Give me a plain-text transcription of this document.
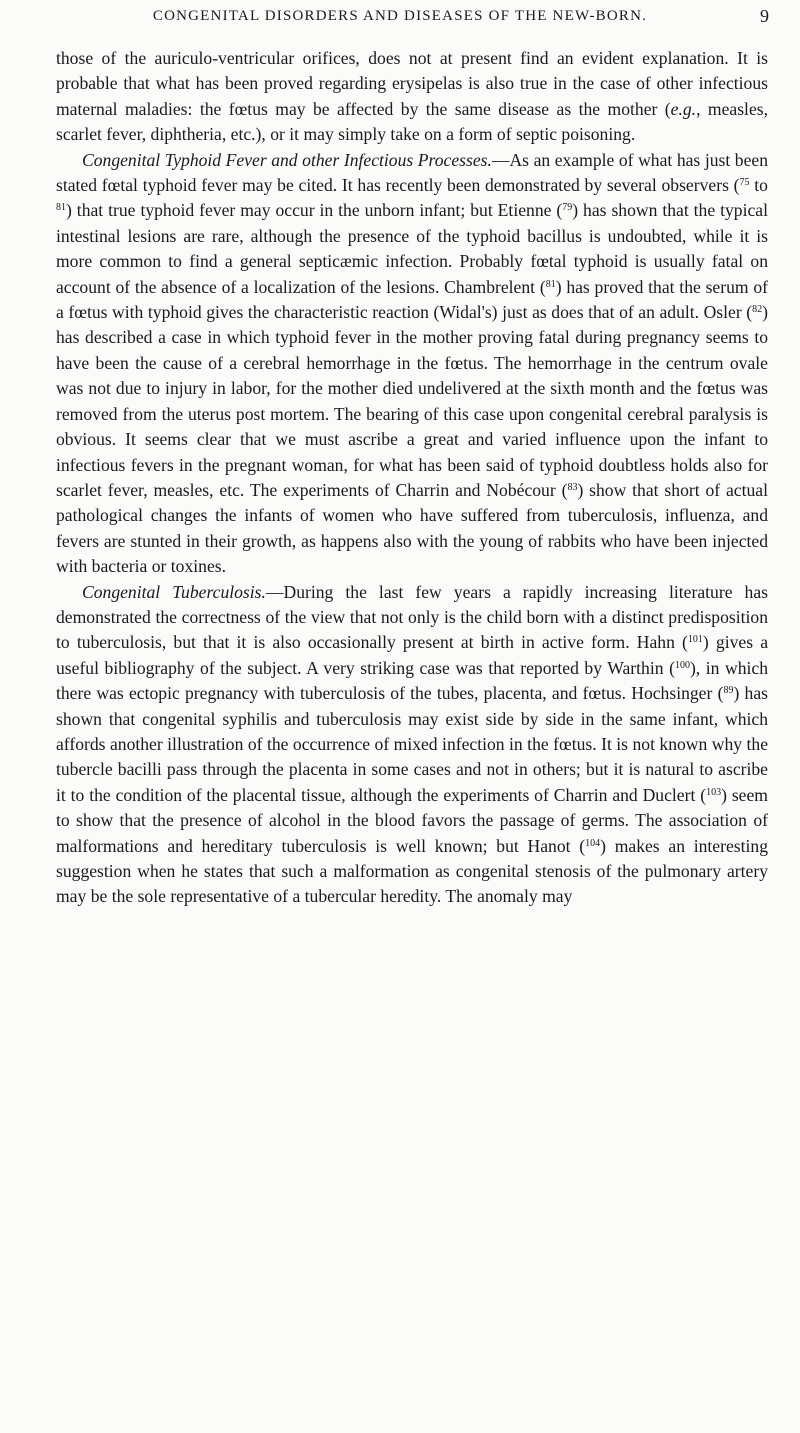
CONGENITAL DISORDERS AND DISEASES OF THE NEW-BORN.	9

those of the auriculo-ventricular orifices, does not at present find an evident explanation. It is probable that what has been proved regarding erysipelas is also true in the case of other infectious maternal maladies: the fœtus may be affected by the same disease as the mother (e.g., measles, scarlet fever, diphtheria, etc.), or it may simply take on a form of septic poisoning.

Congenital Typhoid Fever and other Infectious Processes.—As an example of what has just been stated fœtal typhoid fever may be cited. It has recently been demonstrated by several observers ($^{75}$ to $^{81}$) that true typhoid fever may occur in the unborn infant; but Etienne ($^{79}$) has shown that the typical intestinal lesions are rare, although the presence of the typhoid bacillus is undoubted, while it is more common to find a general septicæmic infection. Probably fœtal typhoid is usually fatal on account of the absence of a localization of the lesions. Chambrelent ($^{81}$) has proved that the serum of a fœtus with typhoid gives the characteristic reaction (Widal's) just as does that of an adult. Osler ($^{82}$) has described a case in which typhoid fever in the mother proving fatal during pregnancy seems to have been the cause of a cerebral hemorrhage in the fœtus. The hemorrhage in the centrum ovale was not due to injury in labor, for the mother died undelivered at the sixth month and the fœtus was removed from the uterus post mortem. The bearing of this case upon congenital cerebral paralysis is obvious. It seems clear that we must ascribe a great and varied influence upon the infant to infectious fevers in the pregnant woman, for what has been said of typhoid doubtless holds also for scarlet fever, measles, etc. The experiments of Charrin and Nobécour ($^{83}$) show that short of actual pathological changes the infants of women who have suffered from tuberculosis, influenza, and fevers are stunted in their growth, as happens also with the young of rabbits who have been injected with bacteria or toxines.

Congenital Tuberculosis.—During the last few years a rapidly increasing literature has demonstrated the correctness of the view that not only is the child born with a distinct predisposition to tuberculosis, but that it is also occasionally present at birth in active form. Hahn ($^{101}$) gives a useful bibliography of the subject. A very striking case was that reported by Warthin ($^{100}$), in which there was ectopic pregnancy with tuberculosis of the tubes, placenta, and fœtus. Hochsinger ($^{89}$) has shown that congenital syphilis and tuberculosis may exist side by side in the same infant, which affords another illustration of the occurrence of mixed infection in the fœtus. It is not known why the tubercle bacilli pass through the placenta in some cases and not in others; but it is natural to ascribe it to the condition of the placental tissue, although the experiments of Charrin and Duclert ($^{103}$) seem to show that the presence of alcohol in the blood favors the passage of germs. The association of malformations and hereditary tuberculosis is well known; but Hanot ($^{104}$) makes an interesting suggestion when he states that such a malformation as congenital stenosis of the pulmonary artery may be the sole representative of a tubercular heredity. The anomaly may
